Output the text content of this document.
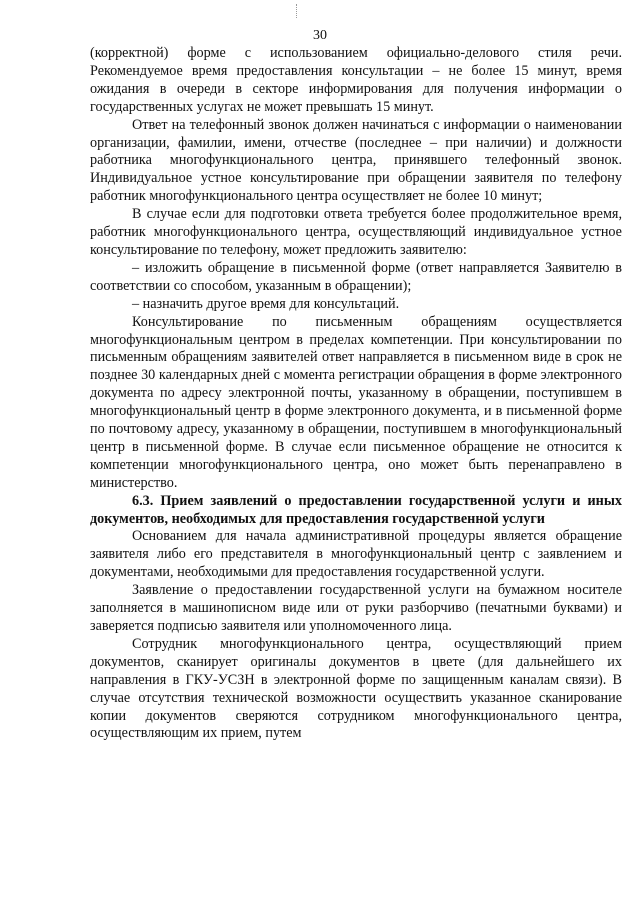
30

(корректной) форме с использованием официально-делового стиля речи. Рекомендуемое время предоставления консультации – не более 15 минут, время ожидания в очереди в секторе информирования для получения информации о государственных услугах не может превышать 15 минут.

Ответ на телефонный звонок должен начинаться с информации о наименовании организации, фамилии, имени, отчестве (последнее – при наличии) и должности работника многофункционального центра, принявшего телефонный звонок. Индивидуальное устное консультирование при обращении заявителя по телефону работник многофункционального центра осуществляет не более 10 минут;

В случае если для подготовки ответа требуется более продолжительное время, работник многофункционального центра, осуществляющий индивидуальное устное консультирование по телефону, может предложить заявителю:

– изложить обращение в письменной форме (ответ направляется Заявителю в соответствии со способом, указанным в обращении);

– назначить другое время для консультаций.

Консультирование по письменным обращениям осуществляется многофункциональным центром в пределах компетенции. При консультировании по письменным обращениям заявителей ответ направляется в письменном виде в срок не позднее 30 календарных дней с момента регистрации обращения в форме электронного документа по адресу электронной почты, указанному в обращении, поступившем в многофункциональный центр в форме электронного документа, и в письменной форме по почтовому адресу, указанному в обращении, поступившем в многофункциональный центр в письменной форме. В случае если письменное обращение не относится к компетенции многофункционального центра, оно может быть перенаправлено в министерство.

6.3. Прием заявлений о предоставлении государственной услуги и иных документов, необходимых для предоставления государственной услуги

Основанием для начала административной процедуры является обращение заявителя либо его представителя в многофункциональный центр с заявлением и документами, необходимыми для предоставления государственной услуги.

Заявление о предоставлении государственной услуги на бумажном носителе заполняется в машинописном виде или от руки разборчиво (печатными буквами) и заверяется подписью заявителя или уполномоченного лица.

Сотрудник многофункционального центра, осуществляющий прием документов, сканирует оригиналы документов в цвете (для дальнейшего их направления в ГКУ-УСЗН в электронной форме по защищенным каналам связи). В случае отсутствия технической возможности осуществить указанное сканирование копии документов сверяются сотрудником многофункционального центра, осуществляющим их прием, путем
